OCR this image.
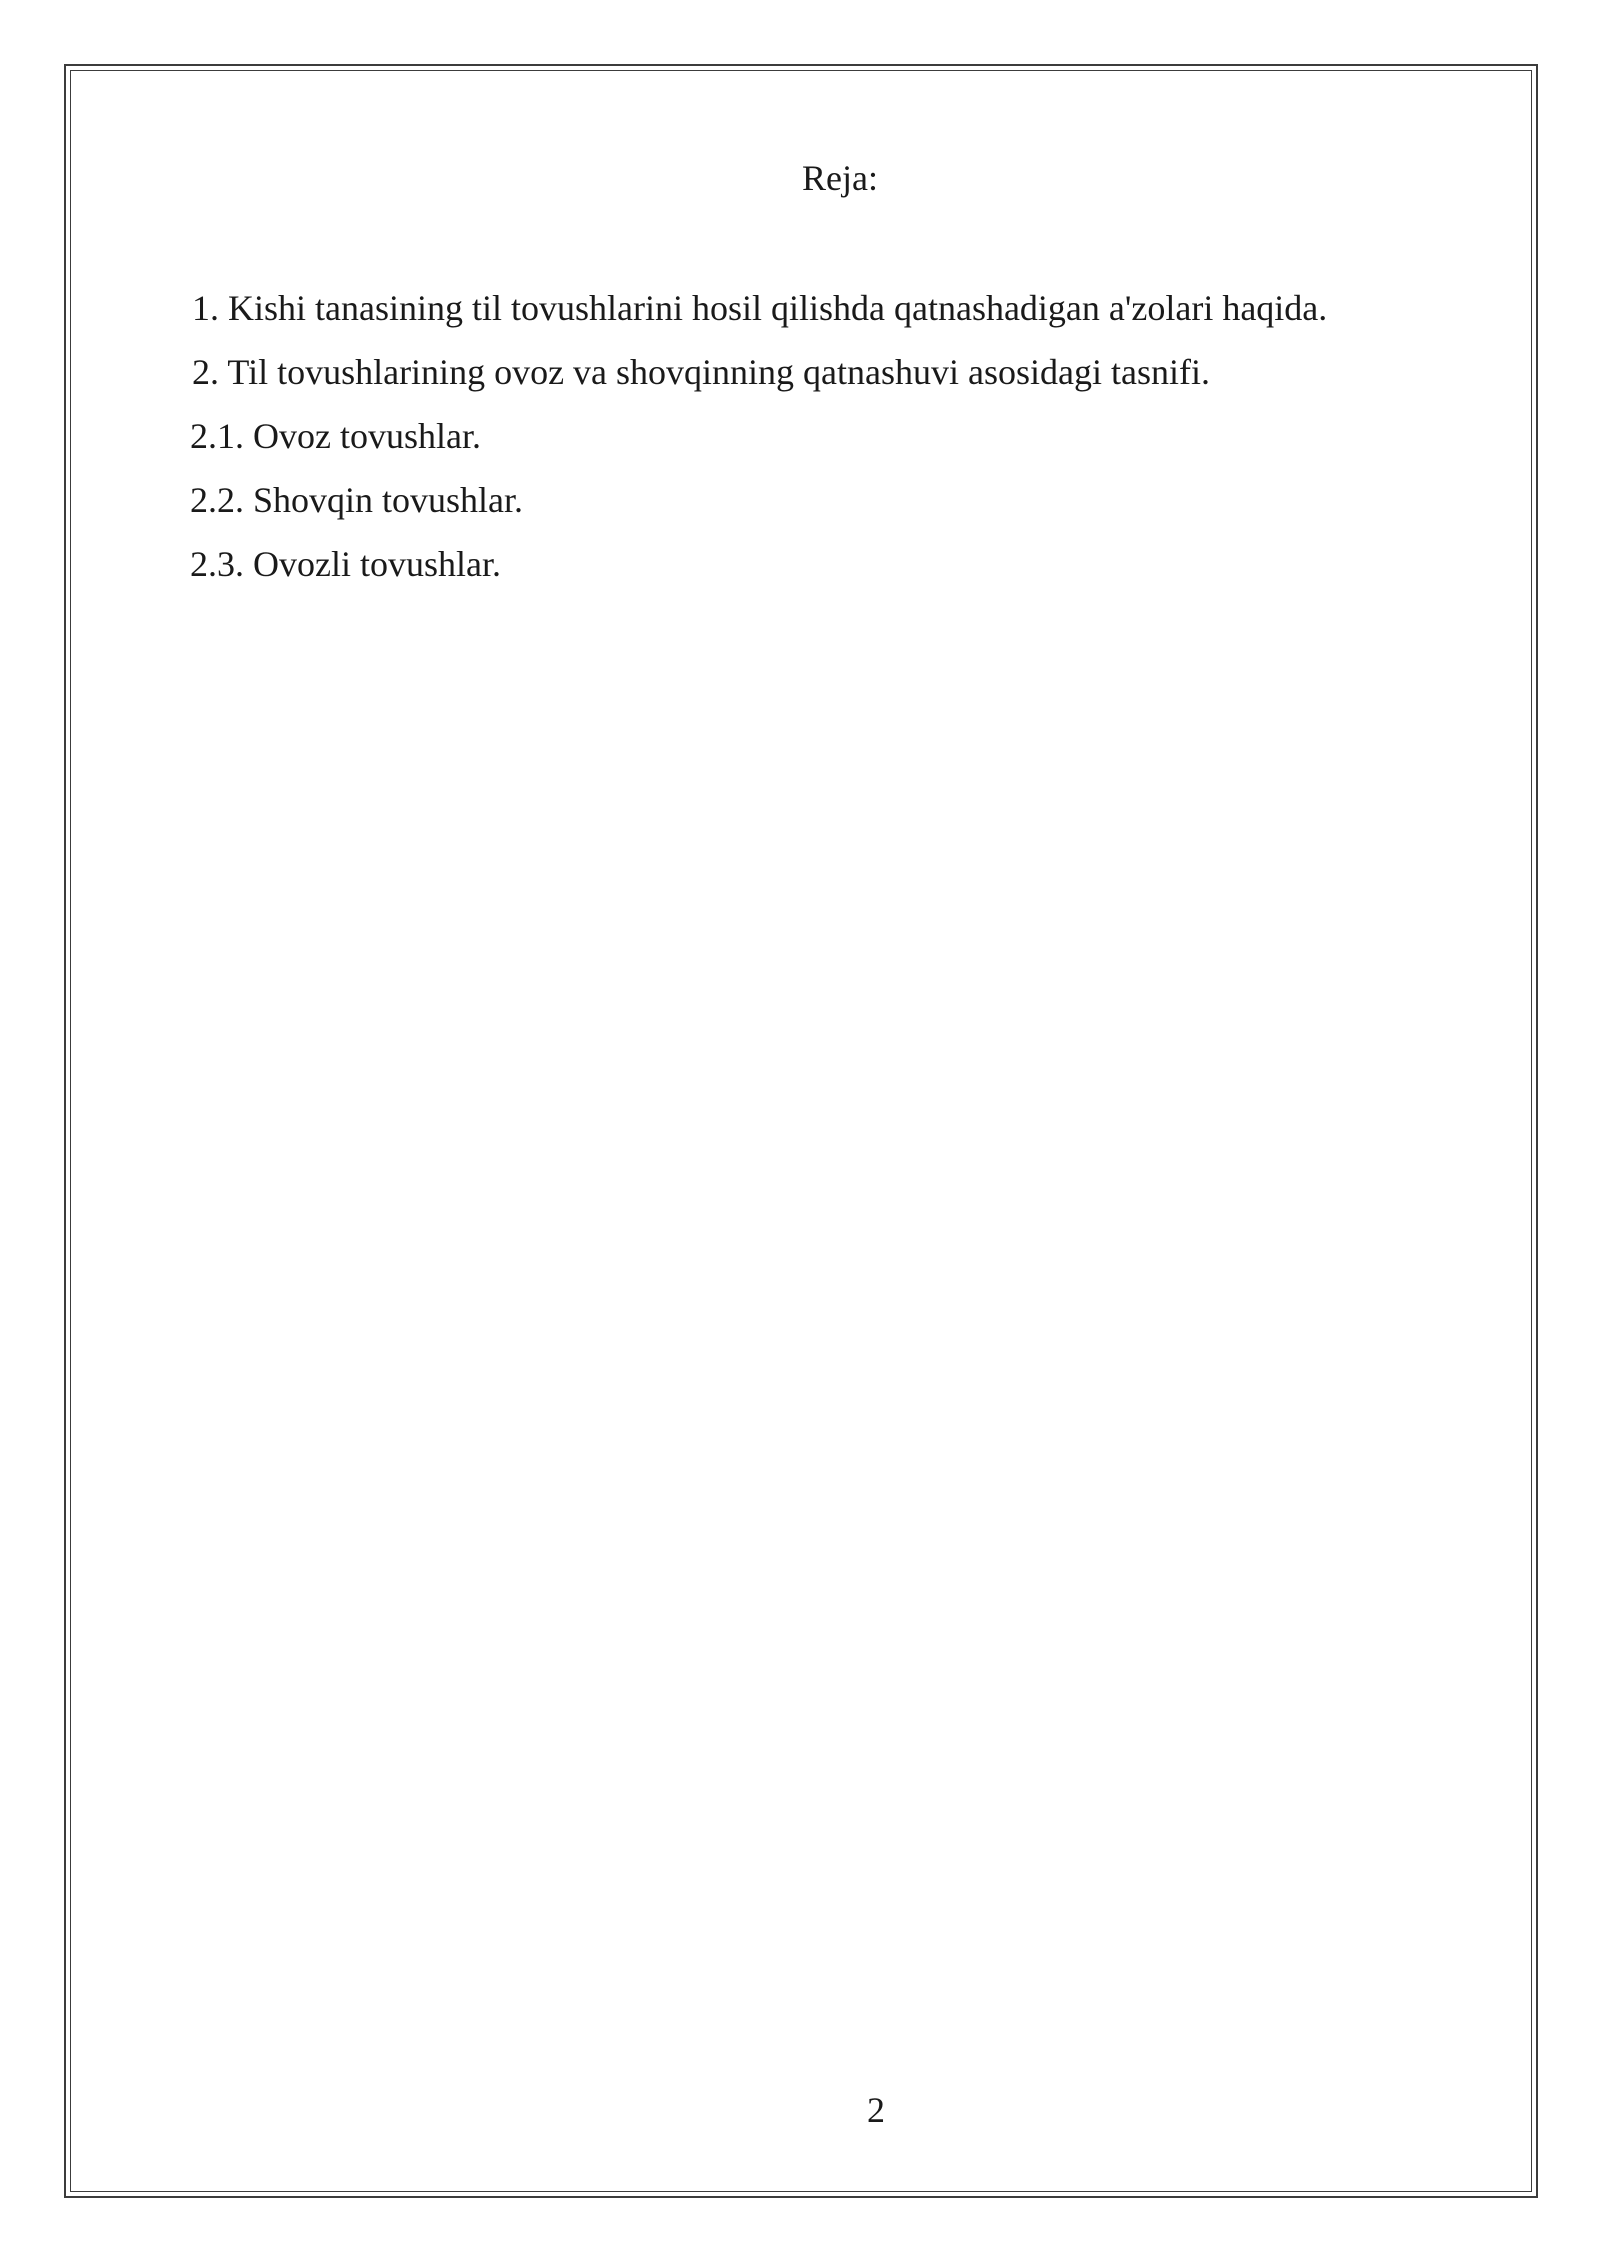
Reja:
1. Kishi tanasining til tovushlarini hosil qilishda qatnashadigan a'zolari haqida.
2. Til tovushlarining ovoz va shovqinning qatnashuvi asosidagi tasnifi.
2.1. Ovoz tovushlar.
2.2. Shovqin tovushlar.
2.3. Ovozli tovushlar.
2
